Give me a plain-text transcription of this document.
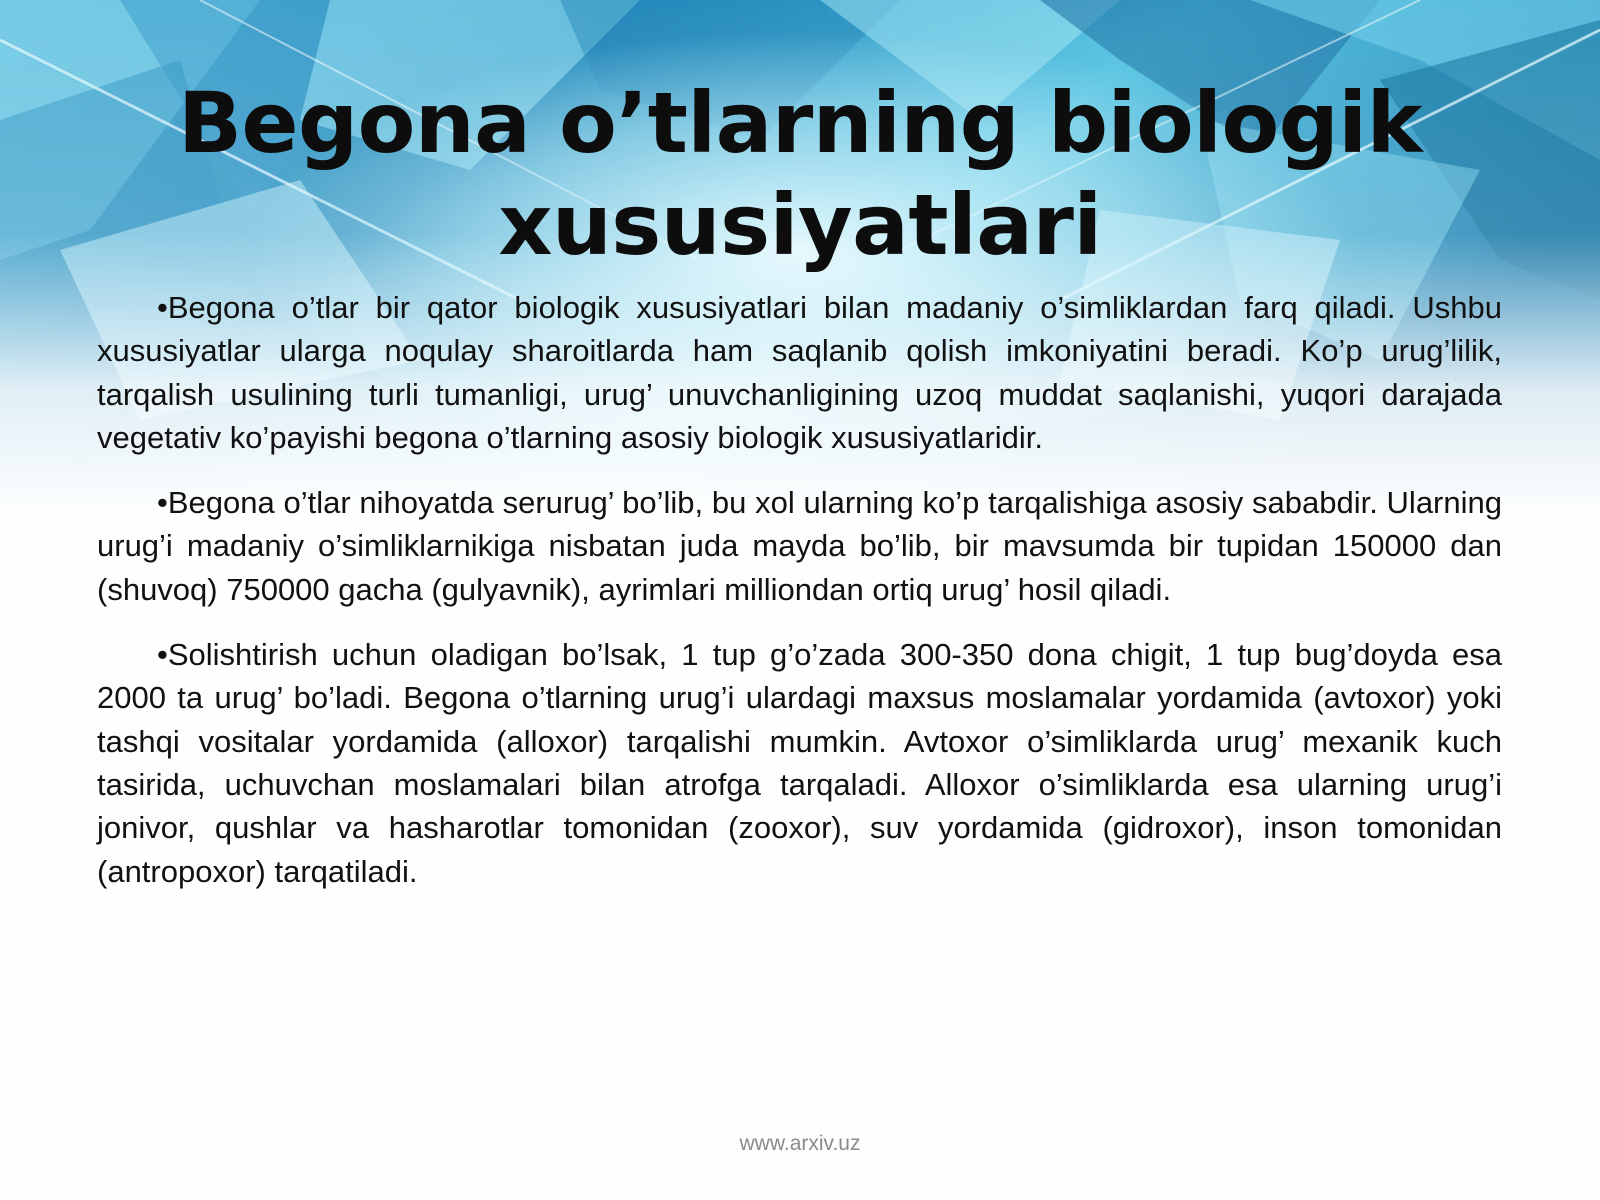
Begona o’tlarning biologik xususiyatlari

•Begona o’tlar bir qator biologik xususiyatlari bilan madaniy o’simliklardan farq qiladi. Ushbu xususiyatlar ularga noqulay sharoitlarda ham saqlanib qolish imkoniyatini beradi. Ko’p urug’lilik, tarqalish usulining turli tumanligi, urug’ unuvchanligining uzoq muddat saqlanishi, yuqori darajada vegetativ ko’payishi begona o’tlarning asosiy biologik xususiyatlaridir.

•Begona o’tlar nihoyatda serurug’ bo’lib, bu xol ularning ko’p tarqalishiga asosiy sababdir. Ularning urug’i madaniy o’simliklarnikiga nisbatan juda mayda bo’lib, bir mavsumda bir tupidan 150000 dan (shuvoq) 750000 gacha (gulyavnik), ayrimlari milliondan ortiq urug’ hosil qiladi.

•Solishtirish uchun oladigan bo’lsak, 1 tup g’o’zada 300-350 dona chigit, 1 tup bug’doyda esa 2000 ta urug’ bo’ladi. Begona o’tlarning urug’i ulardagi maxsus moslamalar yordamida (avtoxor) yoki tashqi vositalar yordamida (alloxor) tarqalishi mumkin. Avtoxor o’simliklarda urug’ mexanik kuch tasirida, uchuvchan moslamalari bilan atrofga tarqaladi. Alloxor o’simliklarda esa ularning urug’i jonivor, qushlar va hasharotlar tomonidan (zooxor), suv yordamida (gidroxor), inson tomonidan (antropoxor) tarqatiladi.

www.arxiv.uz
